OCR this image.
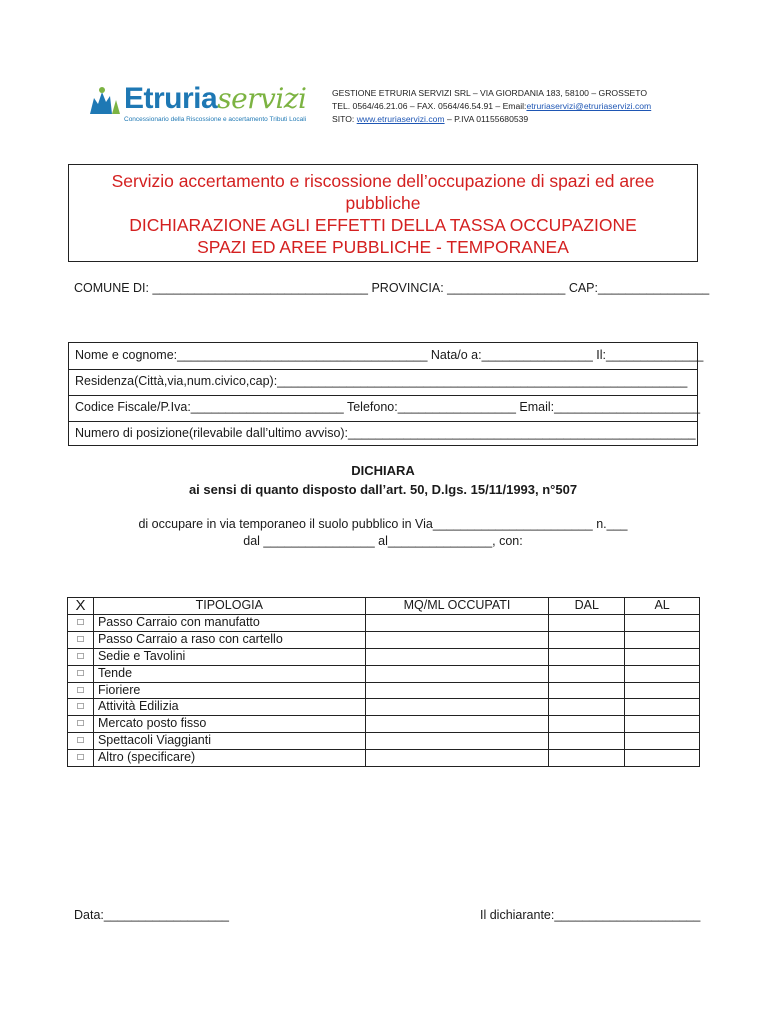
Etruriaservizi
Concessionario della Riscossione e accertamento Tributi Locali
GESTIONE ETRURIA SERVIZI SRL – VIA GIORDANIA 183, 58100 – GROSSETO
TEL. 0564/46.21.06 – FAX. 0564/46.54.91 – Email:etruriaservizi@etruriaservizi.com
SITO: www.etruriaservizi.com – P.IVA 01155680539
Servizio accertamento e riscossione dell’occupazione di spazi ed aree pubbliche
DICHIARAZIONE AGLI EFFETTI DELLA TASSA OCCUPAZIONE
SPAZI ED AREE PUBBLICHE - TEMPORANEA
COMUNE DI: _______________________________ PROVINCIA: _________________ CAP:________________
Nome e cognome:____________________________________ Nata/o a:________________ Il:______________
Residenza(Città,via,num.civico,cap):___________________________________________________________
Codice Fiscale/P.Iva:______________________ Telefono:_________________ Email:_____________________
Numero di posizione(rilevabile dall’ultimo avviso):__________________________________________________
DICHIARA
ai sensi di quanto disposto dall’art. 50, D.lgs. 15/11/1993, n°507
di occupare in via temporaneo il suolo pubblico in Via_______________________ n.___
dal ________________ al_______________, con:
X	TIPOLOGIA	MQ/ML OCCUPATI	DAL	AL
□	Passo Carraio con manufatto			
□	Passo Carraio a raso con cartello			
□	Sedie e Tavolini			
□	Tende			
□	Fioriere			
□	Attività Edilizia			
□	Mercato posto fisso			
□	Spettacoli Viaggianti			
□	Altro (specificare)			
Data:__________________	Il dichiarante:_____________________
